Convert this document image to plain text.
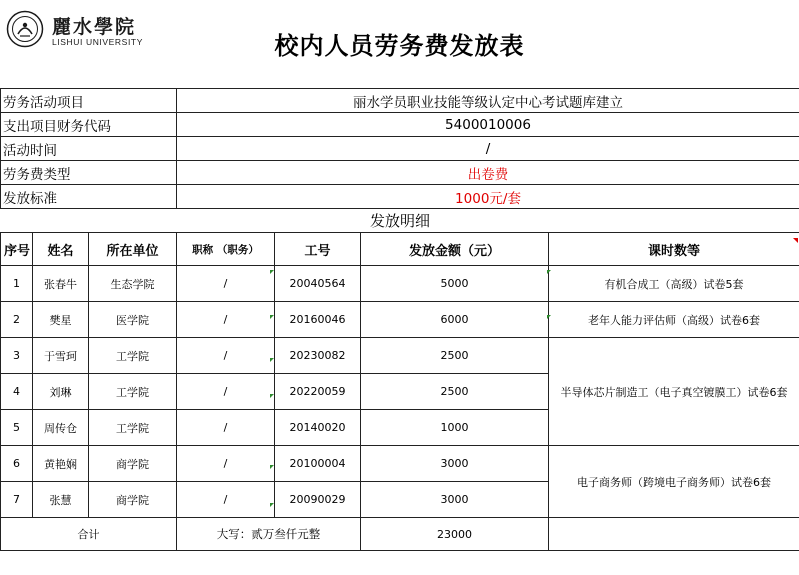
麗水學院
LISHUI UNIVERSITY	校内人员劳务费发放表
劳务活动项目			丽水学员职业技能等级认定中心考试题库建立			
支出项目财务代码			5400010006			
活动时间			/			
劳务费类型			出卷费			
发放标准			1000元/套			
发放明细						
序号	姓名	所在单位	职称 （职务）	工号	发放金额（元）	课时数等
1	张春牛	生态学院	/	20040564	5000	有机合成工（高级）试卷5套
2	樊星	医学院	/	20160046	6000	老年人能力评估师（高级）试卷6套
3	于雪珂	工学院	/	20230082	2500	半导体芯片制造工（电子真空镀膜工）试卷6套
4	刘琳	工学院	/	20220059	2500	
5	周传仓	工学院	/	20140020	1000	
6	黄艳娴	商学院	/	20100004	3000	电子商务师（跨境电子商务师）试卷6套
7	张慧	商学院	/	20090029	3000	
合计			大写：贰万叁仟元整		23000	
